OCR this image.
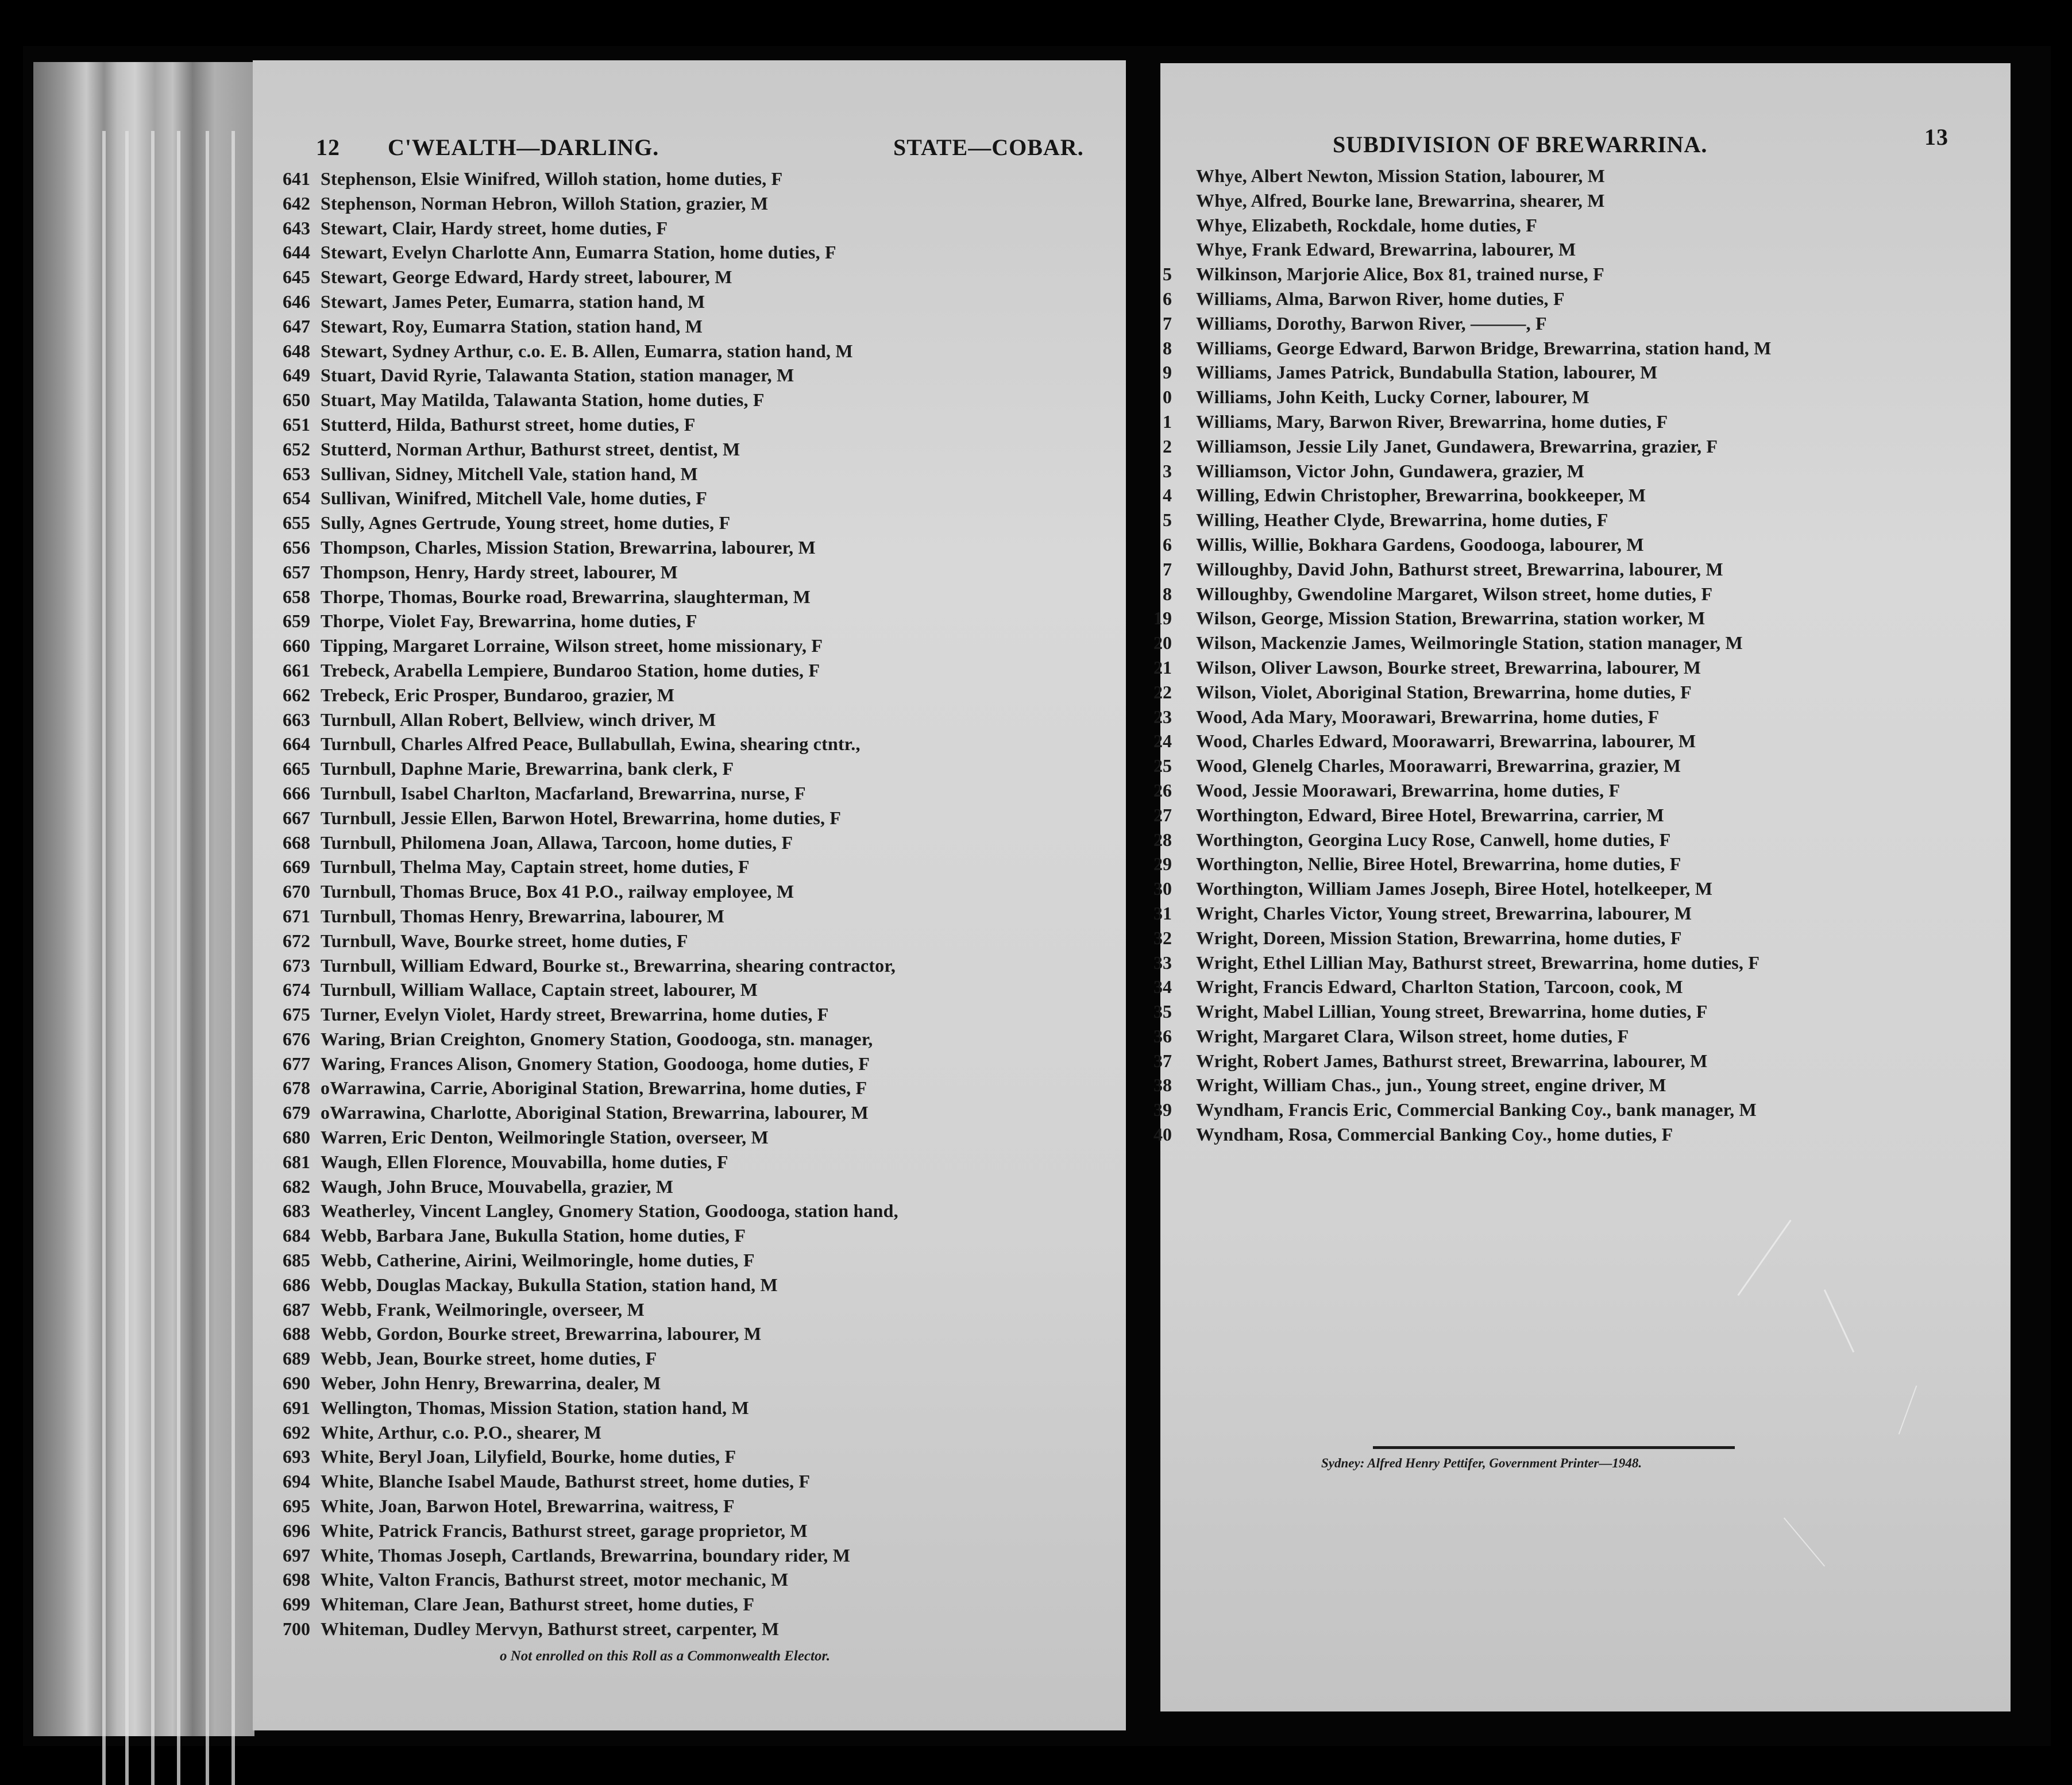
12 C'WEALTH—DARLING.	STATE—COBAR.
641 Stephenson, Elsie Winifred, Willoh station, home duties, F
642 Stephenson, Norman Hebron, Willoh Station, grazier, M
643 Stewart, Clair, Hardy street, home duties, F
644 Stewart, Evelyn Charlotte Ann, Eumarra Station, home duties, F
645 Stewart, George Edward, Hardy street, labourer, M
646 Stewart, James Peter, Eumarra, station hand, M
647 Stewart, Roy, Eumarra Station, station hand, M
648 Stewart, Sydney Arthur, c.o. E. B. Allen, Eumarra, station hand, M
649 Stuart, David Ryrie, Talawanta Station, station manager, M
650 Stuart, May Matilda, Talawanta Station, home duties, F
651 Stutterd, Hilda, Bathurst street, home duties, F
652 Stutterd, Norman Arthur, Bathurst street, dentist, M
653 Sullivan, Sidney, Mitchell Vale, station hand, M
654 Sullivan, Winifred, Mitchell Vale, home duties, F
655 Sully, Agnes Gertrude, Young street, home duties, F
656 Thompson, Charles, Mission Station, Brewarrina, labourer, M
657 Thompson, Henry, Hardy street, labourer, M
658 Thorpe, Thomas, Bourke road, Brewarrina, slaughterman, M
659 Thorpe, Violet Fay, Brewarrina, home duties, F
660 Tipping, Margaret Lorraine, Wilson street, home missionary, F
661 Trebeck, Arabella Lempiere, Bundaroo Station, home duties, F
662 Trebeck, Eric Prosper, Bundaroo, grazier, M
663 Turnbull, Allan Robert, Bellview, winch driver, M
664 Turnbull, Charles Alfred Peace, Bullabullah, Ewina, shearing ctntr.,
665 Turnbull, Daphne Marie, Brewarrina, bank clerk, F
666 Turnbull, Isabel Charlton, Macfarland, Brewarrina, nurse, F
667 Turnbull, Jessie Ellen, Barwon Hotel, Brewarrina, home duties, F
668 Turnbull, Philomena Joan, Allawa, Tarcoon, home duties, F
669 Turnbull, Thelma May, Captain street, home duties, F
670 Turnbull, Thomas Bruce, Box 41 P.O., railway employee, M
671 Turnbull, Thomas Henry, Brewarrina, labourer, M
672 Turnbull, Wave, Bourke street, home duties, F
673 Turnbull, William Edward, Bourke st., Brewarrina, shearing contractor,
674 Turnbull, William Wallace, Captain street, labourer, M
675 Turner, Evelyn Violet, Hardy street, Brewarrina, home duties, F
676 Waring, Brian Creighton, Gnomery Station, Goodooga, stn. manager,
677 Waring, Frances Alison, Gnomery Station, Goodooga, home duties, F
678 oWarrawina, Carrie, Aboriginal Station, Brewarrina, home duties, F
679 oWarrawina, Charlotte, Aboriginal Station, Brewarrina, labourer, M
680 Warren, Eric Denton, Weilmoringle Station, overseer, M
681 Waugh, Ellen Florence, Mouvabilla, home duties, F
682 Waugh, John Bruce, Mouvabella, grazier, M
683 Weatherley, Vincent Langley, Gnomery Station, Goodooga, station hand,
684 Webb, Barbara Jane, Bukulla Station, home duties, F
685 Webb, Catherine, Airini, Weilmoringle, home duties, F
686 Webb, Douglas Mackay, Bukulla Station, station hand, M
687 Webb, Frank, Weilmoringle, overseer, M
688 Webb, Gordon, Bourke street, Brewarrina, labourer, M
689 Webb, Jean, Bourke street, home duties, F
690 Weber, John Henry, Brewarrina, dealer, M
691 Wellington, Thomas, Mission Station, station hand, M
692 White, Arthur, c.o. P.O., shearer, M
693 White, Beryl Joan, Lilyfield, Bourke, home duties, F
694 White, Blanche Isabel Maude, Bathurst street, home duties, F
695 White, Joan, Barwon Hotel, Brewarrina, waitress, F
696 White, Patrick Francis, Bathurst street, garage proprietor, M
697 White, Thomas Joseph, Cartlands, Brewarrina, boundary rider, M
698 White, Valton Francis, Bathurst street, motor mechanic, M
699 Whiteman, Clare Jean, Bathurst street, home duties, F
700 Whiteman, Dudley Mervyn, Bathurst street, carpenter, M
o Not enrolled on this Roll as a Commonwealth Elector.
SUBDIVISION OF BREWARRINA.	13
Whye, Albert Newton, Mission Station, labourer, M
Whye, Alfred, Bourke lane, Brewarrina, shearer, M
Whye, Elizabeth, Rockdale, home duties, F
Whye, Frank Edward, Brewarrina, labourer, M
5 Wilkinson, Marjorie Alice, Box 81, trained nurse, F
6 Williams, Alma, Barwon River, home duties, F
7 Williams, Dorothy, Barwon River, ———, F
8 Williams, George Edward, Barwon Bridge, Brewarrina, station hand, M
9 Williams, James Patrick, Bundabulla Station, labourer, M
0 Williams, John Keith, Lucky Corner, labourer, M
1 Williams, Mary, Barwon River, Brewarrina, home duties, F
2 Williamson, Jessie Lily Janet, Gundawera, Brewarrina, grazier, F
3 Williamson, Victor John, Gundawera, grazier, M
4 Willing, Edwin Christopher, Brewarrina, bookkeeper, M
5 Willing, Heather Clyde, Brewarrina, home duties, F
6 Willis, Willie, Bokhara Gardens, Goodooga, labourer, M
7 Willoughby, David John, Bathurst street, Brewarrina, labourer, M
8 Willoughby, Gwendoline Margaret, Wilson street, home duties, F
19 Wilson, George, Mission Station, Brewarrina, station worker, M
20 Wilson, Mackenzie James, Weilmoringle Station, station manager, M
21 Wilson, Oliver Lawson, Bourke street, Brewarrina, labourer, M
22 Wilson, Violet, Aboriginal Station, Brewarrina, home duties, F
23 Wood, Ada Mary, Moorawari, Brewarrina, home duties, F
24 Wood, Charles Edward, Moorawarri, Brewarrina, labourer, M
25 Wood, Glenelg Charles, Moorawarri, Brewarrina, grazier, M
26 Wood, Jessie Moorawari, Brewarrina, home duties, F
27 Worthington, Edward, Biree Hotel, Brewarrina, carrier, M
28 Worthington, Georgina Lucy Rose, Canwell, home duties, F
29 Worthington, Nellie, Biree Hotel, Brewarrina, home duties, F
30 Worthington, William James Joseph, Biree Hotel, hotelkeeper, M
31 Wright, Charles Victor, Young street, Brewarrina, labourer, M
32 Wright, Doreen, Mission Station, Brewarrina, home duties, F
33 Wright, Ethel Lillian May, Bathurst street, Brewarrina, home duties, F
34 Wright, Francis Edward, Charlton Station, Tarcoon, cook, M
35 Wright, Mabel Lillian, Young street, Brewarrina, home duties, F
36 Wright, Margaret Clara, Wilson street, home duties, F
37 Wright, Robert James, Bathurst street, Brewarrina, labourer, M
38 Wright, William Chas., jun., Young street, engine driver, M
39 Wyndham, Francis Eric, Commercial Banking Coy., bank manager, M
40 Wyndham, Rosa, Commercial Banking Coy., home duties, F
Sydney: Alfred Henry Pettifer, Government Printer—1948.
